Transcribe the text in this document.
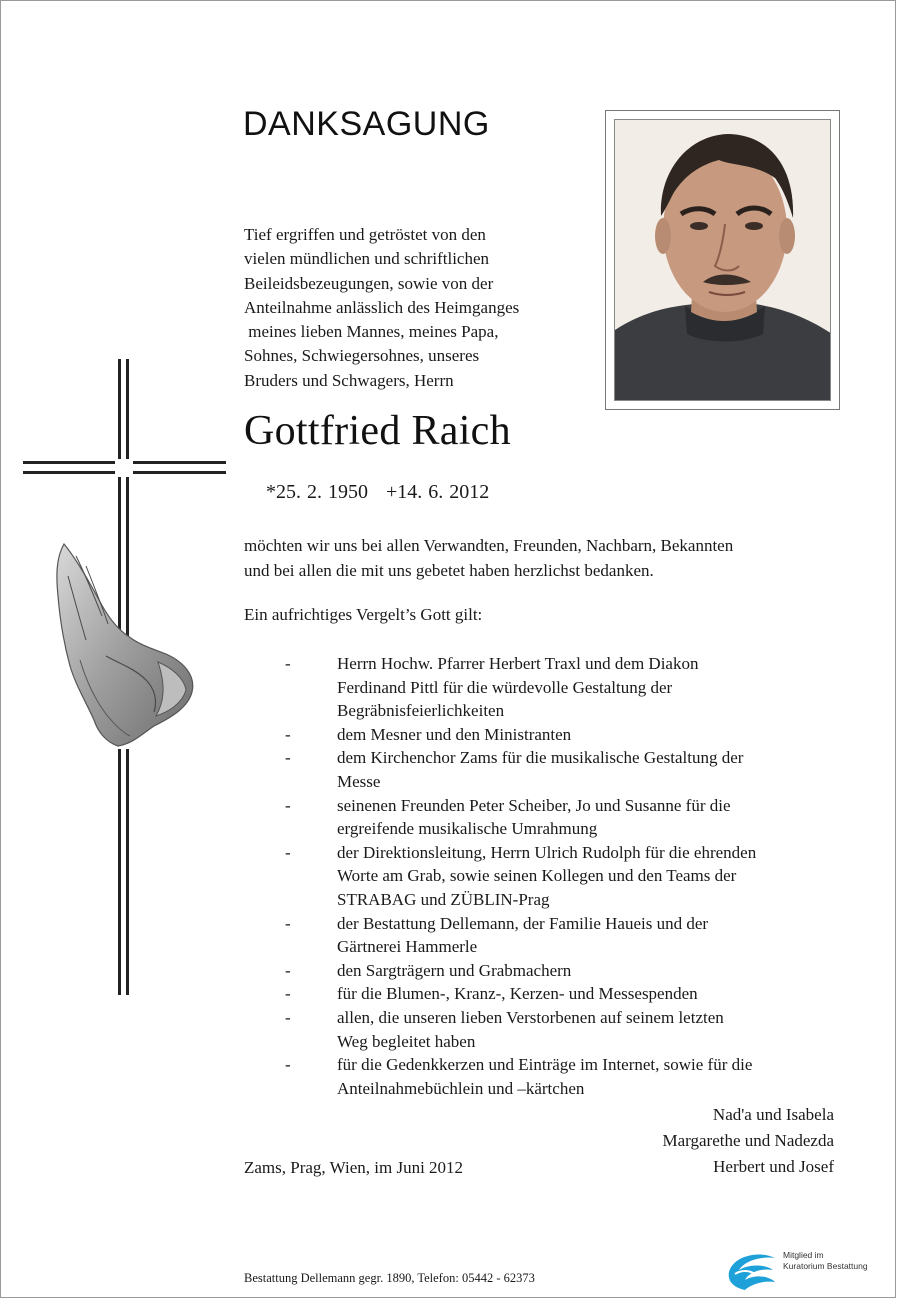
DANKSAGUNG
Tief ergriffen und getröstet von den
vielen mündlichen und schriftlichen
Beileidsbezeugungen, sowie von der
Anteilnahme anlässlich des Heimganges
meines lieben Mannes, meines Papa,
Sohnes, Schwiegersohnes, unseres
Bruders und Schwagers, Herrn
Gottfried Raich
*25. 2. 1950 +14. 6. 2012
möchten wir uns bei allen Verwandten, Freunden, Nachbarn, Bekannten
und bei allen die mit uns gebetet haben herzlichst bedanken.
Ein aufrichtiges Vergelt’s Gott gilt:
-	Herrn Hochw. Pfarrer Herbert Traxl und dem Diakon
Ferdinand Pittl für die würdevolle Gestaltung der
Begräbnisfeierlichkeiten
-	dem Mesner und den Ministranten
-	dem Kirchenchor Zams für die musikalische Gestaltung der
Messe
-	seinenen Freunden Peter Scheiber, Jo und Susanne für die
ergreifende musikalische Umrahmung
-	der Direktionsleitung, Herrn Ulrich Rudolph für die ehrenden
Worte am Grab, sowie seinen Kollegen und den Teams der
STRABAG und ZÜBLIN-Prag
-	der Bestattung Dellemann, der Familie Haueis und der
Gärtnerei Hammerle
-	den Sargträgern und Grabmachern
-	für die Blumen-, Kranz-, Kerzen- und Messespenden
-	allen, die unseren lieben Verstorbenen auf seinem letzten
Weg begleitet haben
-	für die Gedenkkerzen und Einträge im Internet, sowie für die
Anteilnahmebüchlein und –kärtchen
Nad'a und Isabela
Margarethe und Nadezda
Herbert und Josef
Zams, Prag, Wien, im Juni 2012
Bestattung Dellemann gegr. 1890, Telefon: 05442 - 62373
Mitglied im
Kuratorium Bestattung
